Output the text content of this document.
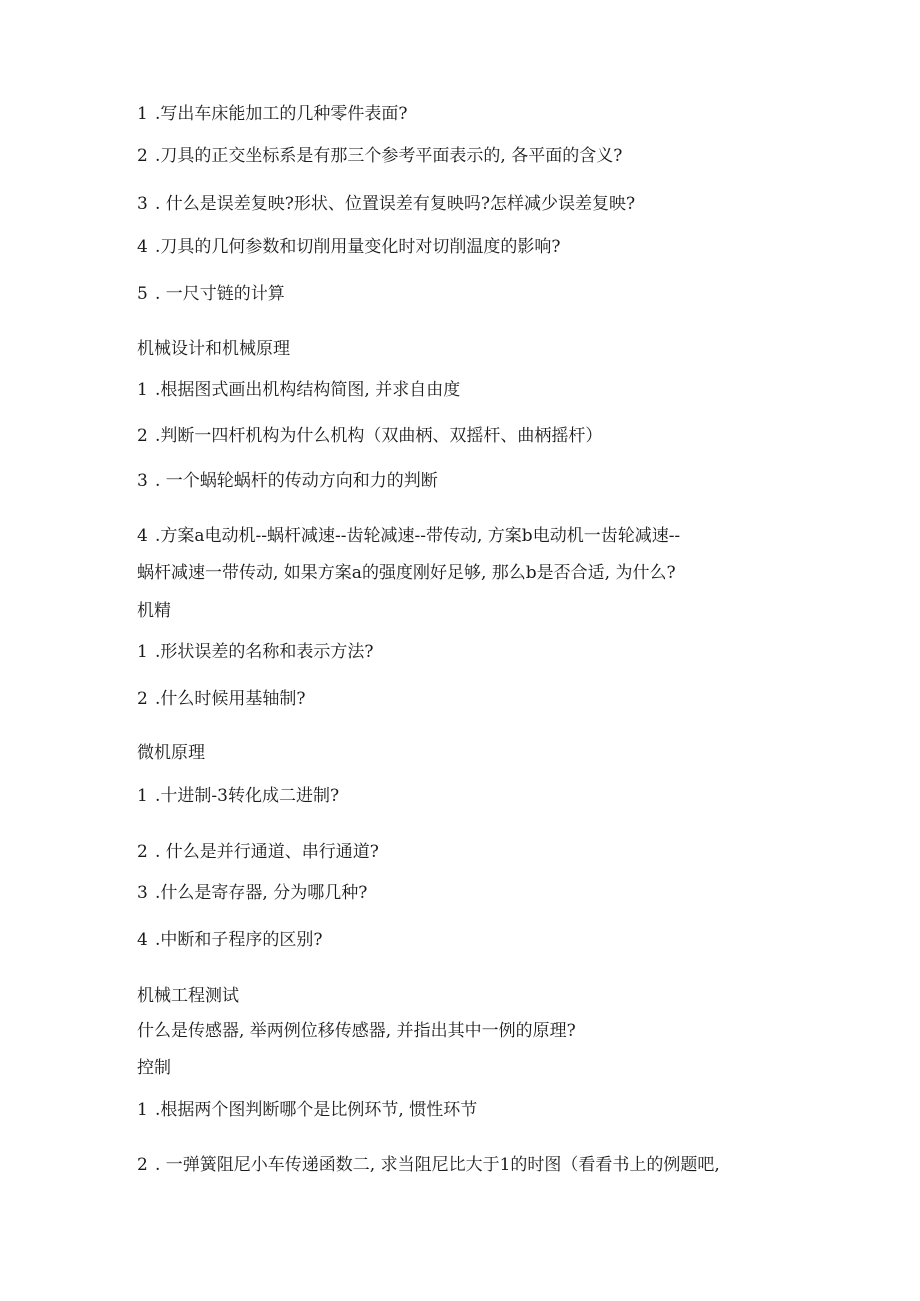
1 .写出车床能加工的几种零件表面?

2 .刀具的正交坐标系是有那三个参考平面表示的, 各平面的含义?

3 . 什么是误差复映?形状、位置误差有复映吗?怎样减少误差复映?

4 .刀具的几何参数和切削用量变化时对切削温度的影响?

5 . 一尺寸链的计算

机械设计和机械原理

1 .根据图式画出机构结构简图, 并求自由度

2 .判断一四杆机构为什么机构（双曲柄、双摇杆、曲柄摇杆）

3 . 一个蜗轮蜗杆的传动方向和力的判断

4 .方案a电动机--蜗杆减速--齿轮减速--带传动, 方案b电动机一齿轮减速--

蜗杆减速一带传动, 如果方案a的强度刚好足够, 那么b是否合适, 为什么?

机精

1 .形状误差的名称和表示方法?

2 .什么时候用基轴制?

微机原理

1 .十进制-3转化成二进制?

2 . 什么是并行通道、串行通道?

3 .什么是寄存器, 分为哪几种?

4 .中断和子程序的区别?

机械工程测试

什么是传感器, 举两例位移传感器, 并指出其中一例的原理?

控制

1 .根据两个图判断哪个是比例环节, 惯性环节

2 . 一弹簧阻尼小车传递函数二, 求当阻尼比大于1的时图（看看书上的例题吧,
